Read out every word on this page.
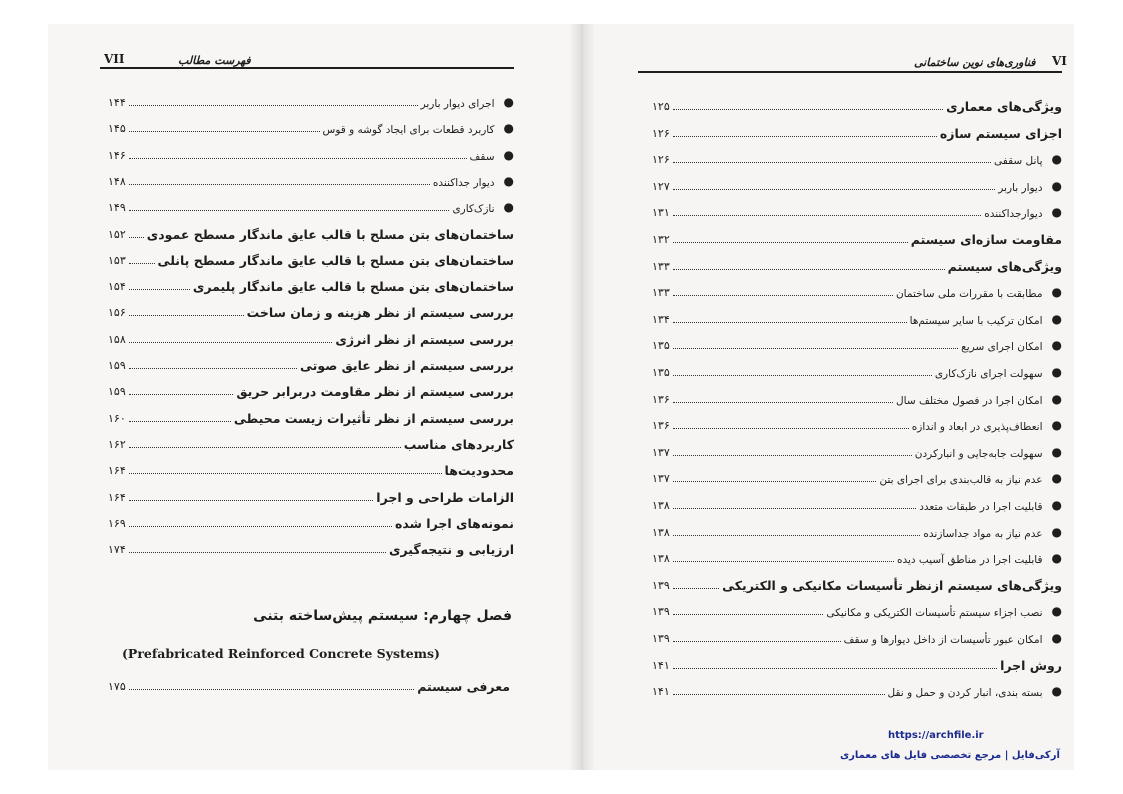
VII	فهرست مطالب
۱۴۴	اجرای دیوار باربر ●
۱۴۵	کاربرد قطعات برای ایجاد گوشه و قوس ●
۱۴۶	سقف ●
۱۴۸	دیوار جداکننده ●
۱۴۹	نازک‌کاری ●
۱۵۲ ساختمان‌های بتن مسلح با قالب عایق ماندگار مسطح عمودی
۱۵۳	ساختمان‌های بتن مسلح با قالب عایق ماندگار مسطح پانلی
۱۵۴	ساختمان‌های بتن مسلح با قالب عایق ماندگار پلیمری
۱۵۶	بررسی سیستم از نظر هزینه و زمان ساخت
۱۵۸	بررسی سیستم از نظر انرژی
۱۵۹	بررسی سیستم از نظر عایق صوتی
۱۵۹	بررسی سیستم از نظر مقاومت دربرابر حریق
۱۶۰	بررسی سیستم از نظر تأثیرات زیست محیطی
۱۶۲	کاربردهای مناسب
۱۶۴	محدودیت‌ها
۱۶۴	الزامات طراحی و اجرا
۱۶۹	نمونه‌های اجرا شده
۱۷۴	ارزیابی و نتیجه‌گیری
فصل چهارم: سیستم پیش‌ساخته بتنی
(Prefabricated Reinforced Concrete Systems)
۱۷۵	معرفی سیستم
فناوری‌های نوین ساختمانی VI
۱۲۵	ویژگی‌های معماری
۱۲۶	اجزای سیستم سازه
۱۲۶	پانل سقفی ●
۱۲۷	دیوار باربر ●
۱۳۱	دیوارجداکننده ●
۱۳۲	مقاومت سازه‌ای سیستم
۱۳۳	ویژگی‌های سیستم
۱۳۳	مطابقت با مقررات ملی ساختمان ●
۱۳۴	امکان ترکیب با سایر سیستم‌ها ●
۱۳۵	امکان اجرای سریع ●
۱۳۵	سهولت اجرای نازک‌کاری ●
۱۳۶	امکان اجرا در فصول مختلف سال ●
۱۳۶	انعطاف‌پذیری در ابعاد و اندازه ●
۱۳۷	سهولت جابه‌جایی و انبارکردن ●
۱۳۷	عدم نیاز به قالب‌بندی برای اجرای بتن ●
۱۳۸	قابلیت اجرا در طبقات متعدد ●
۱۳۸	عدم نیاز به مواد جداسازنده ●
۱۳۸	قابلیت اجرا در مناطق آسیب دیده ●
۱۳۹	ویژگی‌های سیستم ازنظر تأسیسات مکانیکی و الکتریکی
۱۳۹	نصب اجزاء سیستم تأسیسات الکتریکی و مکانیکی ●
۱۳۹	امکان عبور تأسیسات از داخل دیوارها و سقف ●
۱۴۱	روش اجرا
۱۴۱	بسته بندی، انبار کردن و حمل و نقل ●
https://archfile.ir
آرکی‌فایل | مرجع تخصصی فایل های معماری
